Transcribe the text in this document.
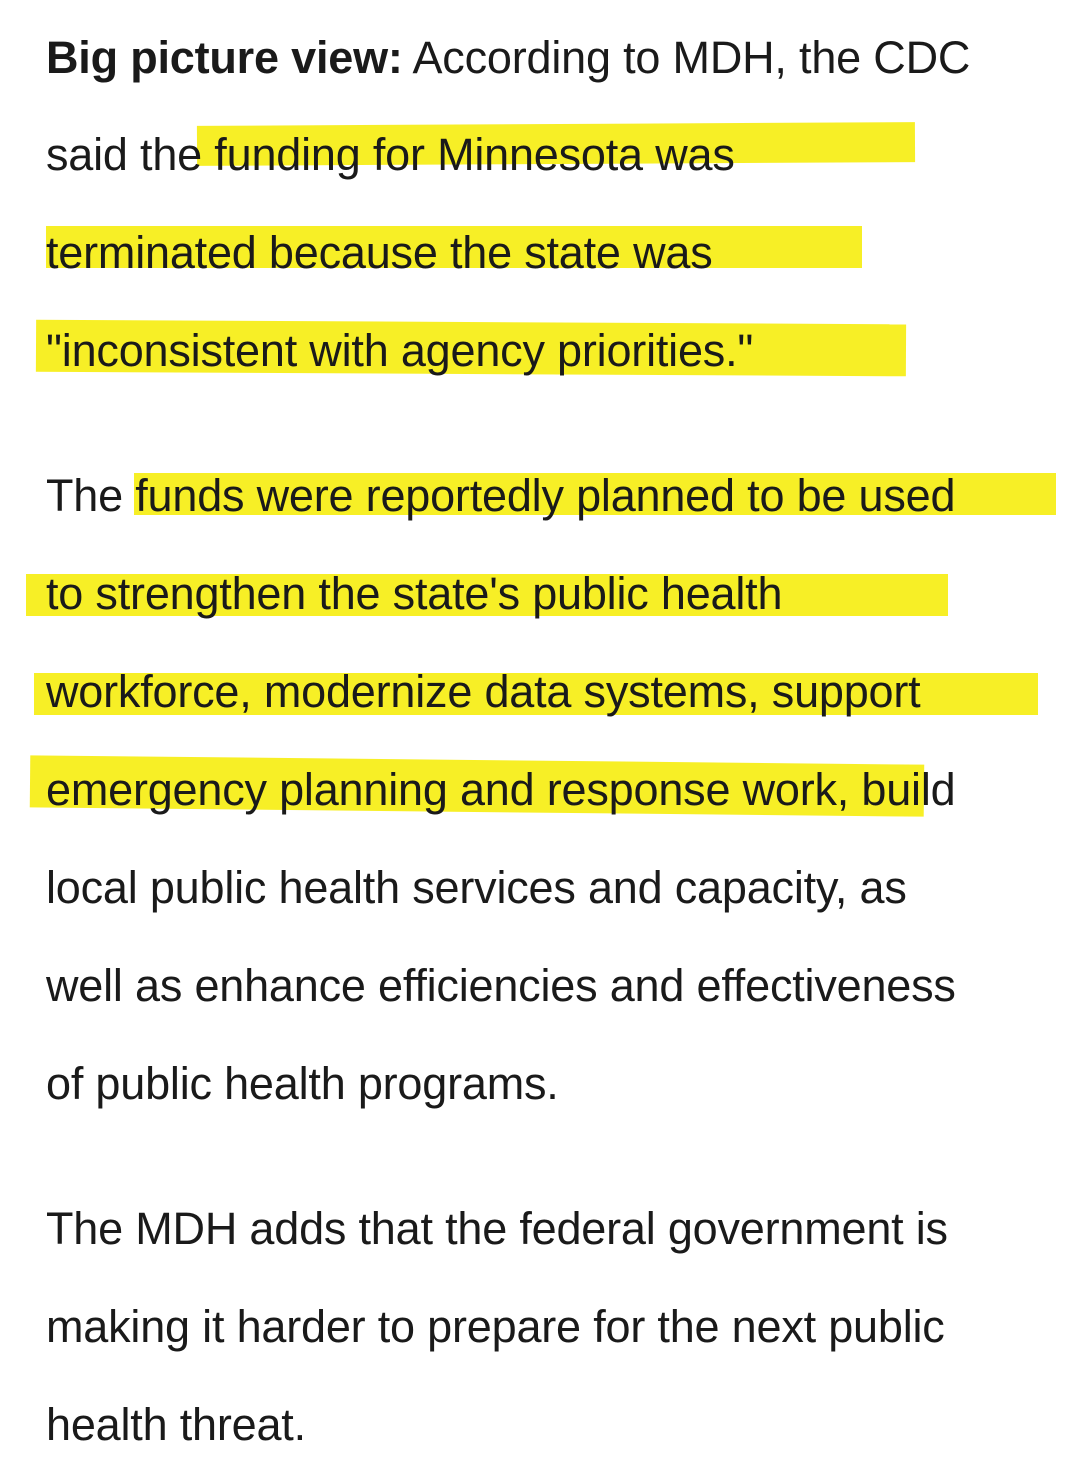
Big picture view: According to MDH, the CDC
said the funding for Minnesota was
terminated because the state was
"inconsistent with agency priorities."
The funds were reportedly planned to be used
to strengthen the state's public health
workforce, modernize data systems, support
emergency planning and response work, build
local public health services and capacity, as
well as enhance efficiencies and effectiveness
of public health programs.
The MDH adds that the federal government is
making it harder to prepare for the next public
health threat.
